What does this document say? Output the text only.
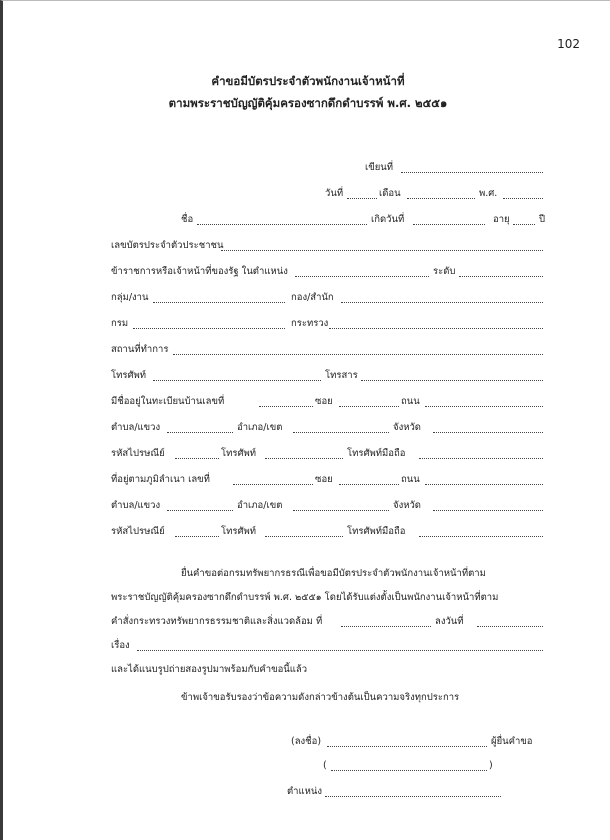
102
คำขอมีบัตรประจำตัวพนักงานเจ้าหน้าที่
ตามพระราชบัญญัติคุ้มครองซากดึกดำบรรพ์ พ.ศ. ๒๕๕๑
เขียนที่
วันที่	เดือน	พ.ศ.
ชื่อ	เกิดวันที่	อายุ	ปี
เลขบัตรประจำตัวประชาชน
ข้าราชการหรือเจ้าหน้าที่ของรัฐ ในตำแหน่ง	ระดับ
กลุ่ม/งาน	กอง/สำนัก
กรม	กระทรวง
สถานที่ทำการ
โทรศัพท์	โทรสาร
มีชื่ออยู่ในทะเบียนบ้านเลขที่	ซอย	ถนน
ตำบล/แขวง	อำเภอ/เขต	จังหวัด
รหัสไปรษณีย์	โทรศัพท์	โทรศัพท์มือถือ
ที่อยู่ตามภูมิลำเนา เลขที่	ซอย	ถนน
ตำบล/แขวง	อำเภอ/เขต	จังหวัด
รหัสไปรษณีย์	โทรศัพท์	โทรศัพท์มือถือ
ยื่นคำขอต่อกรมทรัพยากรธรณีเพื่อขอมีบัตรประจำตัวพนักงานเจ้าหน้าที่ตาม
พระราชบัญญัติคุ้มครองซากดึกดำบรรพ์ พ.ศ. ๒๕๕๑ โดยได้รับแต่งตั้งเป็นพนักงานเจ้าหน้าที่ตาม
คำสั่งกระทรวงทรัพยากรธรรมชาติและสิ่งแวดล้อม ที่	ลงวันที่
เรื่อง
และได้แนบรูปถ่ายสองรูปมาพร้อมกับคำขอนี้แล้ว
ข้าพเจ้าขอรับรองว่าข้อความดังกล่าวข้างต้นเป็นความจริงทุกประการ
(ลงชื่อ)	ผู้ยื่นคำขอ
(	)
ตำแหน่ง
